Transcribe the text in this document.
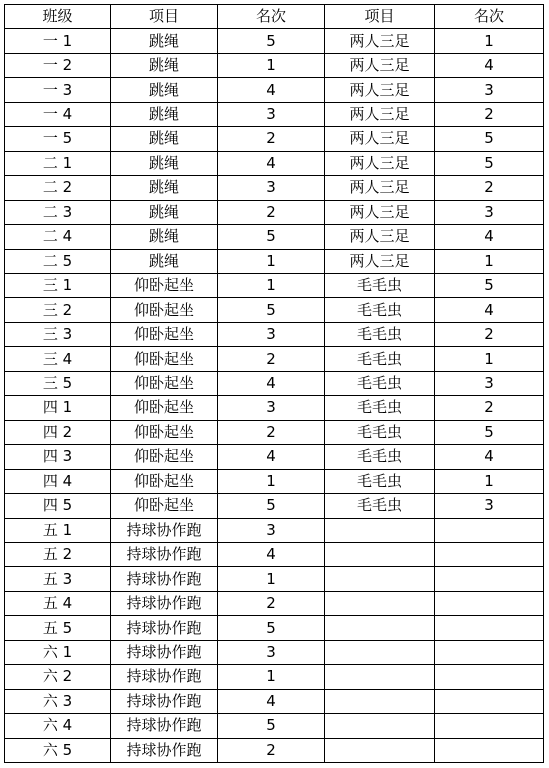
班级	项目	名次	项目	名次
一 1	跳绳	5	两人三足	1
一 2	跳绳	1	两人三足	4
一 3	跳绳	4	两人三足	3
一 4	跳绳	3	两人三足	2
一 5	跳绳	2	两人三足	5
二 1	跳绳	4	两人三足	5
二 2	跳绳	3	两人三足	2
二 3	跳绳	2	两人三足	3
二 4	跳绳	5	两人三足	4
二 5	跳绳	1	两人三足	1
三 1	仰卧起坐	1	毛毛虫	5
三 2	仰卧起坐	5	毛毛虫	4
三 3	仰卧起坐	3	毛毛虫	2
三 4	仰卧起坐	2	毛毛虫	1
三 5	仰卧起坐	4	毛毛虫	3
四 1	仰卧起坐	3	毛毛虫	2
四 2	仰卧起坐	2	毛毛虫	5
四 3	仰卧起坐	4	毛毛虫	4
四 4	仰卧起坐	1	毛毛虫	1
四 5	仰卧起坐	5	毛毛虫	3
五 1	持球协作跑	3		
五 2	持球协作跑	4		
五 3	持球协作跑	1		
五 4	持球协作跑	2		
五 5	持球协作跑	5		
六 1	持球协作跑	3		
六 2	持球协作跑	1		
六 3	持球协作跑	4		
六 4	持球协作跑	5		
六 5	持球协作跑	2		
